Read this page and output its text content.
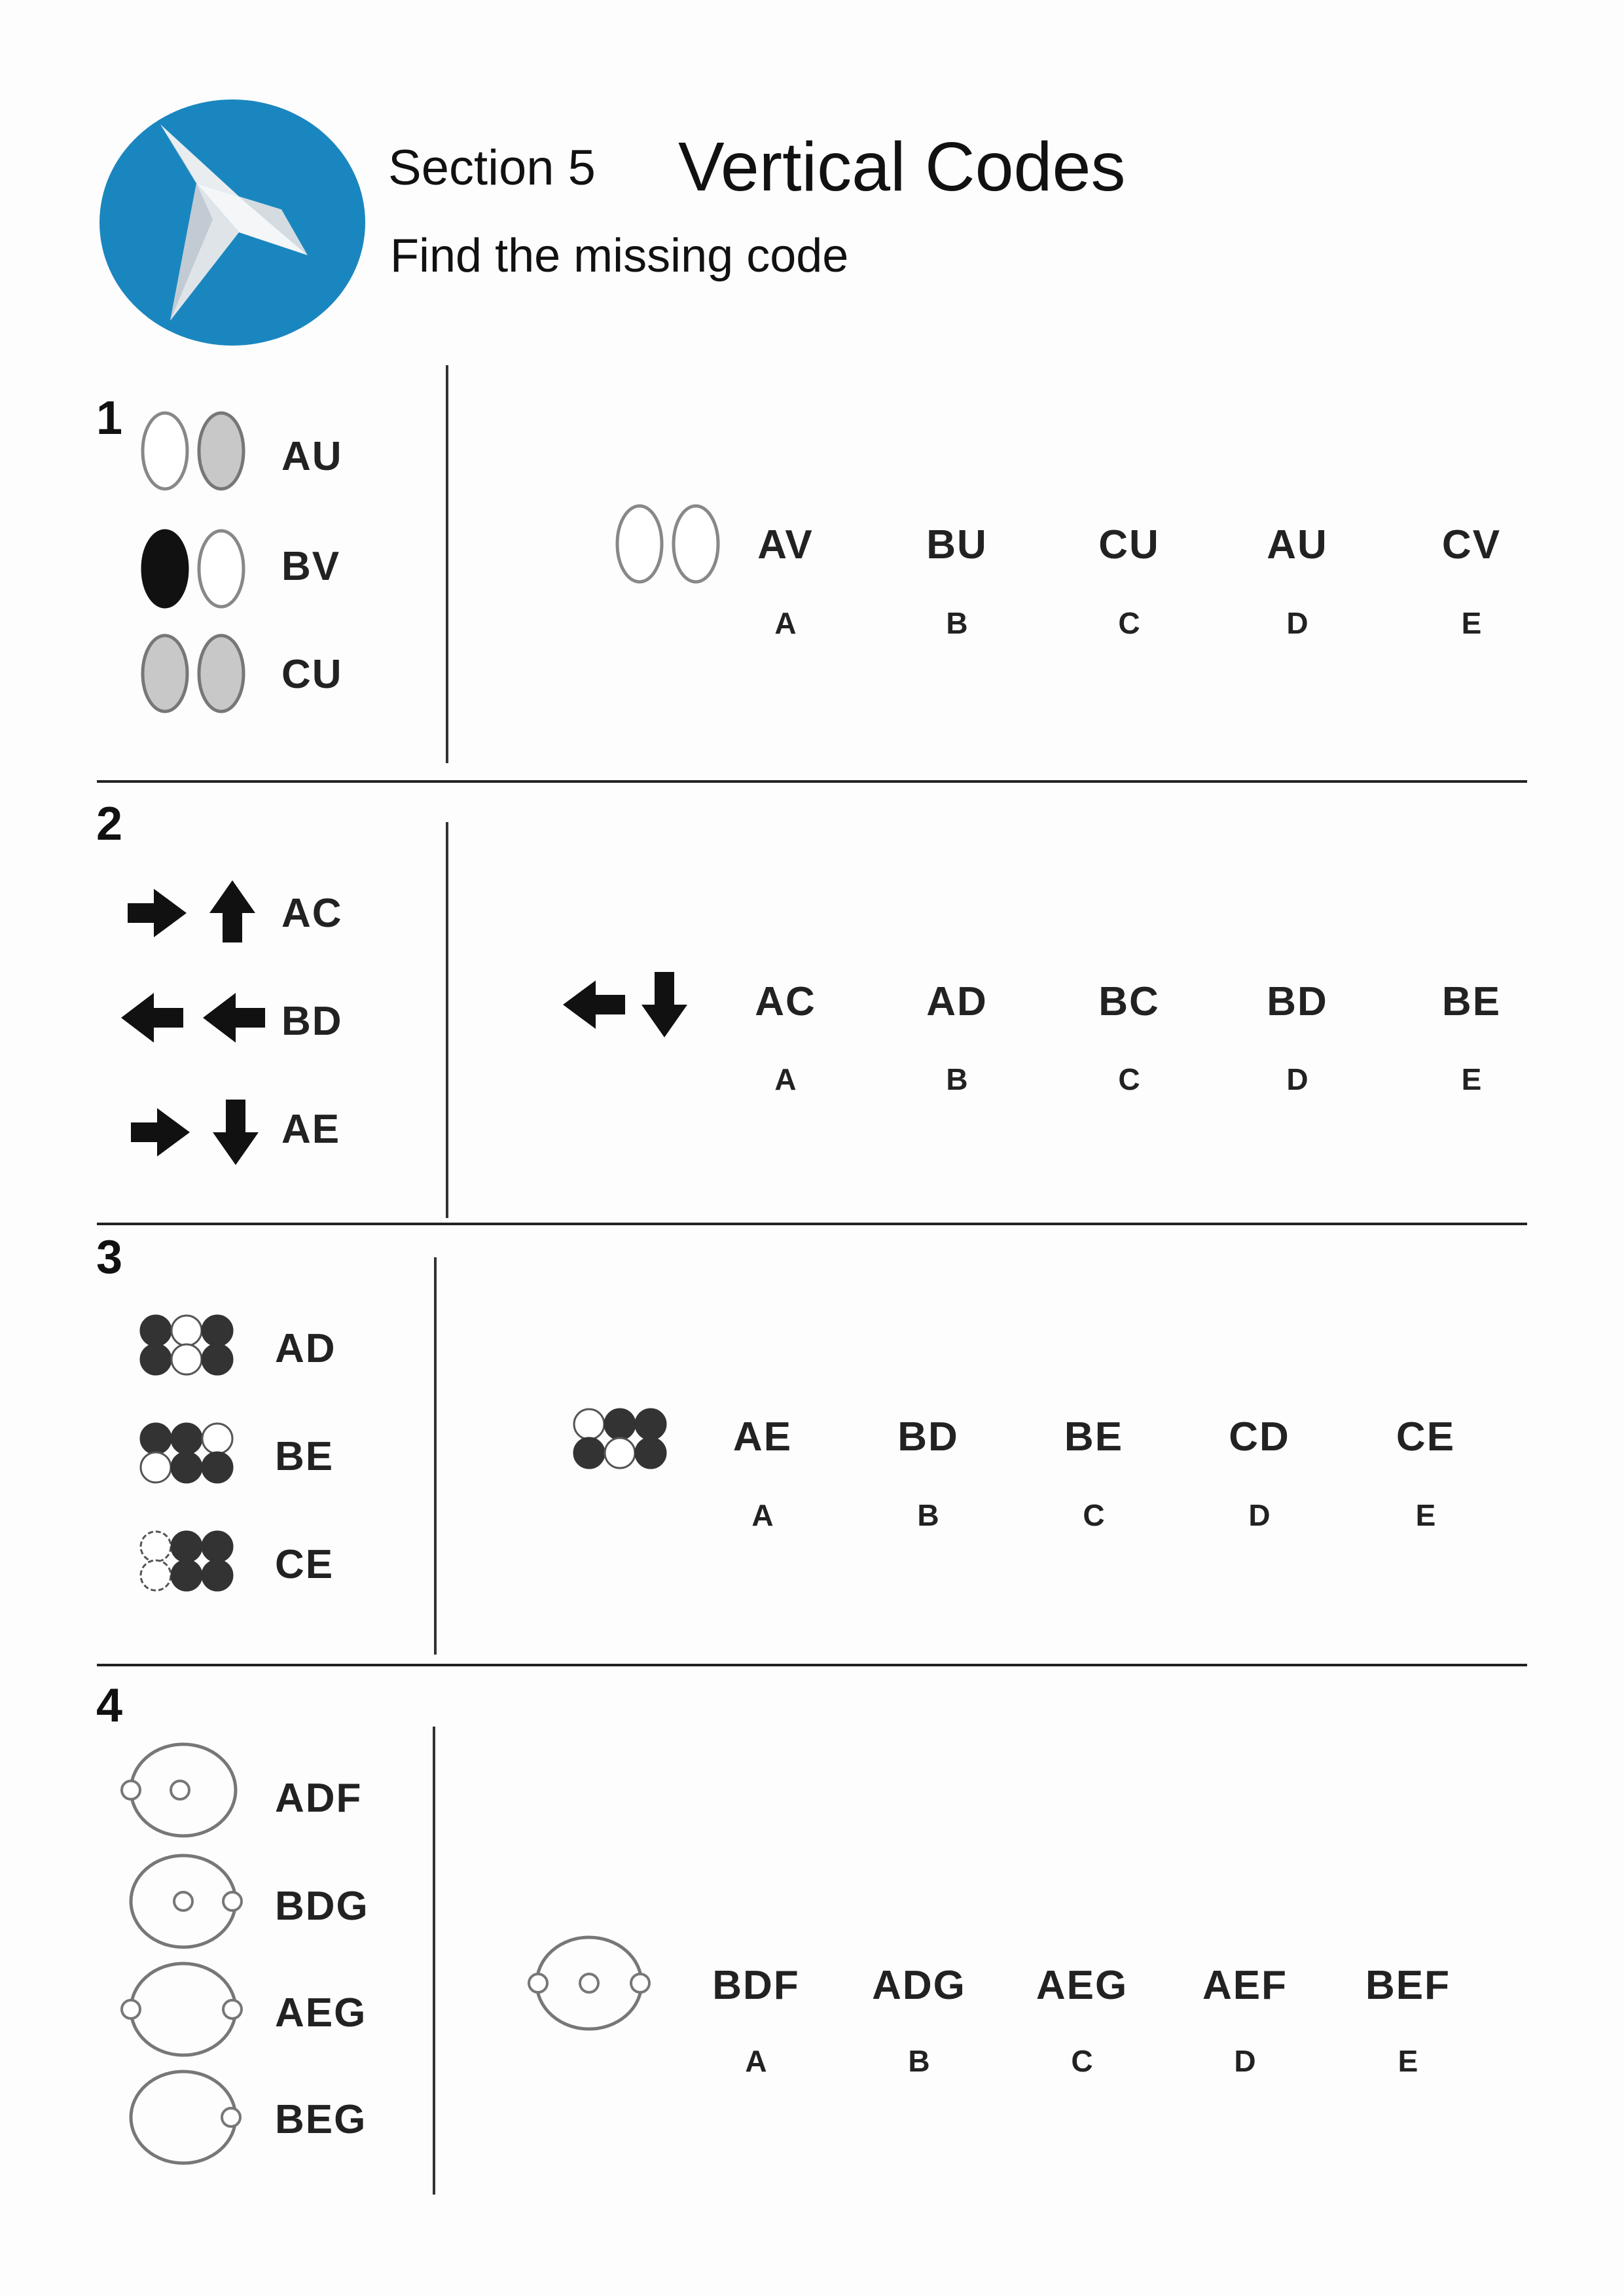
Section 5 Vertical Codes
Find the missing code
1
AU
BV
CU
AV
A
BU
B
CU
C
AU
D
CV
E
2
AC
BD
AE
AC
A
AD
B
BC
C
BD
D
BE
E
3
AD
BE
CE
AE
A
BD
B
BE
C
CD
D
CE
E
4
ADF
BDG
AEG
BEG
BDF
A
ADG
B
AEG
C
AEF
D
BEF
E
